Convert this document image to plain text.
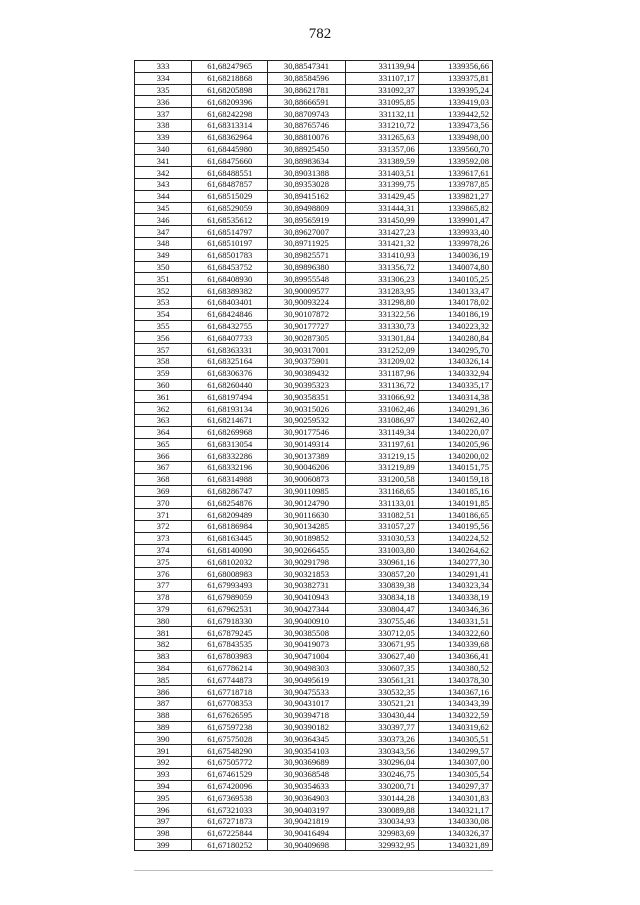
782
333	61,68247965	30,88547341	331139,94	1339356,66
334	61,68218868	30,88584596	331107,17	1339375,81
335	61,68205898	30,88621781	331092,37	1339395,24
336	61,68209396	30,88666591	331095,85	1339419,03
337	61,68242298	30,88709743	331132,11	1339442,52
338	61,68313314	30,88765746	331210,72	1339473,56
339	61,68362964	30,88810076	331265,63	1339498,00
340	61,68445980	30,88925450	331357,06	1339560,70
341	61,68475660	30,88983634	331389,59	1339592,08
342	61,68488551	30,89031388	331403,51	1339617,61
343	61,68487857	30,89353028	331399,75	1339787,85
344	61,68515029	30,89415162	331429,45	1339821,27
345	61,68529059	30,89498809	331444,31	1339865,82
346	61,68535612	30,89565919	331450,99	1339901,47
347	61,68514797	30,89627007	331427,23	1339933,40
348	61,68510197	30,89711925	331421,32	1339978,26
349	61,68501783	30,89825571	331410,93	1340036,19
350	61,68453752	30,89896380	331356,72	1340074,80
351	61,68408930	30,89955548	331306,23	1340105,25
352	61,68389382	30,90009577	331283,95	1340133,47
353	61,68403401	30,90093224	331298,80	1340178,02
354	61,68424846	30,90107872	331322,56	1340186,19
355	61,68432755	30,90177727	331330,73	1340223,32
356	61,68407733	30,90287305	331301,84	1340280,84
357	61,68363331	30,90317001	331252,09	1340295,70
358	61,68325164	30,90375901	331209,02	1340326,14
359	61,68306376	30,90389432	331187,96	1340332,94
360	61,68260440	30,90395323	331136,72	1340335,17
361	61,68197494	30,90358351	331066,92	1340314,38
362	61,68193134	30,90315026	331062,46	1340291,36
363	61,68214671	30,90259532	331086,97	1340262,40
364	61,68269968	30,90177546	331149,34	1340220,07
365	61,68313054	30,90149314	331197,61	1340205,96
366	61,68332286	30,90137389	331219,15	1340200,02
367	61,68332196	30,90046206	331219,89	1340151,75
368	61,68314988	30,90060873	331200,58	1340159,18
369	61,68286747	30,90110985	331168,65	1340185,16
370	61,68254876	30,90124790	331133,01	1340191,85
371	61,68209489	30,90116630	331082,51	1340186,65
372	61,68186984	30,90134285	331057,27	1340195,56
373	61,68163445	30,90189852	331030,53	1340224,52
374	61,68140090	30,90266455	331003,80	1340264,62
375	61,68102032	30,90291798	330961,16	1340277,30
376	61,68008983	30,90321853	330857,20	1340291,41
377	61,67993493	30,90382731	330839,38	1340323,34
378	61,67989059	30,90410943	330834,18	1340338,19
379	61,67962531	30,90427344	330804,47	1340346,36
380	61,67918330	30,90400910	330755,46	1340331,51
381	61,67879245	30,90385508	330712,05	1340322,60
382	61,67843535	30,90419073	330671,95	1340339,68
383	61,67803983	30,90471004	330627,40	1340366,41
384	61,67786214	30,90498303	330607,35	1340380,52
385	61,67744873	30,90495619	330561,31	1340378,30
386	61,67718718	30,90475533	330532,35	1340367,16
387	61,67708353	30,90431017	330521,21	1340343,39
388	61,67626595	30,90394718	330430,44	1340322,59
389	61,67597238	30,90390182	330397,77	1340319,62
390	61,67575028	30,90364345	330373,26	1340305,51
391	61,67548290	30,90354103	330343,56	1340299,57
392	61,67505772	30,90369689	330296,04	1340307,00
393	61,67461529	30,90368548	330246,75	1340305,54
394	61,67420096	30,90354633	330200,71	1340297,37
395	61,67369538	30,90364903	330144,28	1340301,83
396	61,67321033	30,90403197	330089,88	1340321,17
397	61,67271873	30,90421819	330034,93	1340330,08
398	61,67225844	30,90416494	329983,69	1340326,37
399	61,67180252	30,90409698	329932,95	1340321,89
